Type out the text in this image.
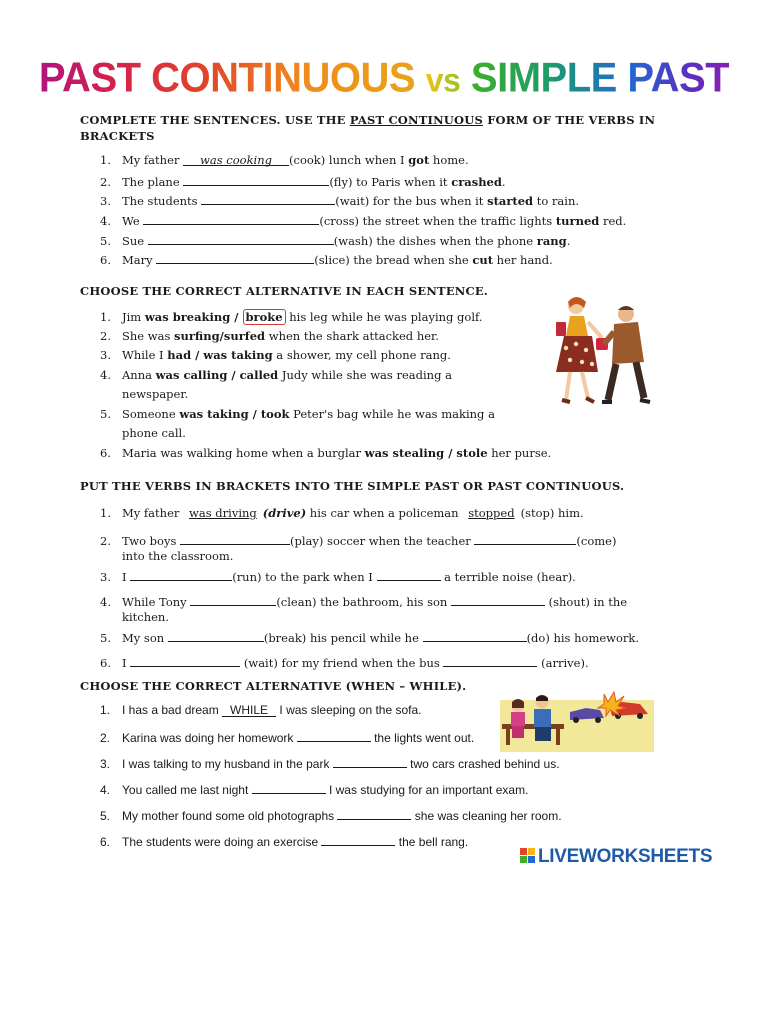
PAST CONTINUOUS vs SIMPLE PAST
COMPLETE THE SENTENCES. USE THE PAST CONTINUOUS FORM OF THE VERBS IN BRACKETS
1. My father was cooking (cook) lunch when I got home.
2. The plane	(fly) to Paris when it crashed.
3. The students	(wait) for the bus when it started to rain.
4. We	(cross) the street when the traffic lights turned red.
5. Sue	(wash) the dishes when the phone rang.
6. Mary	(slice) the bread when she cut her hand.
CHOOSE THE CORRECT ALTERNATIVE IN EACH SENTENCE.
1. Jim was breaking / broke his leg while he was playing golf.
2. She was surfing/surfed when the shark attacked her.
3. While I had / was taking a shower, my cell phone rang.
4. Anna was calling / called Judy while she was reading a
newspaper.
5. Someone was taking / took Peter's bag while he was making a
phone call.
6. Maria was walking home when a burglar was stealing / stole her purse.
PUT THE VERBS IN BRACKETS INTO THE SIMPLE PAST OR PAST CONTINUOUS.
1. My father was driving (drive) his car when a policeman stopped (stop) him.
2. Two boys	(play) soccer when the teacher	(come)
into the classroom.
3. I	(run) to the park when I	a terrible noise (hear).
4. While Tony	(clean) the bathroom, his son	(shout) in the
kitchen.
5. My son	(break) his pencil while he	(do) his homework.
6. I	(wait) for my friend when the bus	(arrive).
CHOOSE THE CORRECT ALTERNATIVE (WHEN – WHILE).
1. I has a bad dream WHILE I was sleeping on the sofa.
2. Karina was doing her homework	the lights went out.
3. I was talking to my husband in the park	two cars crashed behind us.
4. You called me last night	I was studying for an important exam.
5. My mother found some old photographs	she was cleaning her room.
6. The students were doing an exercise	the bell rang.
LIVEWORKSHEETS
